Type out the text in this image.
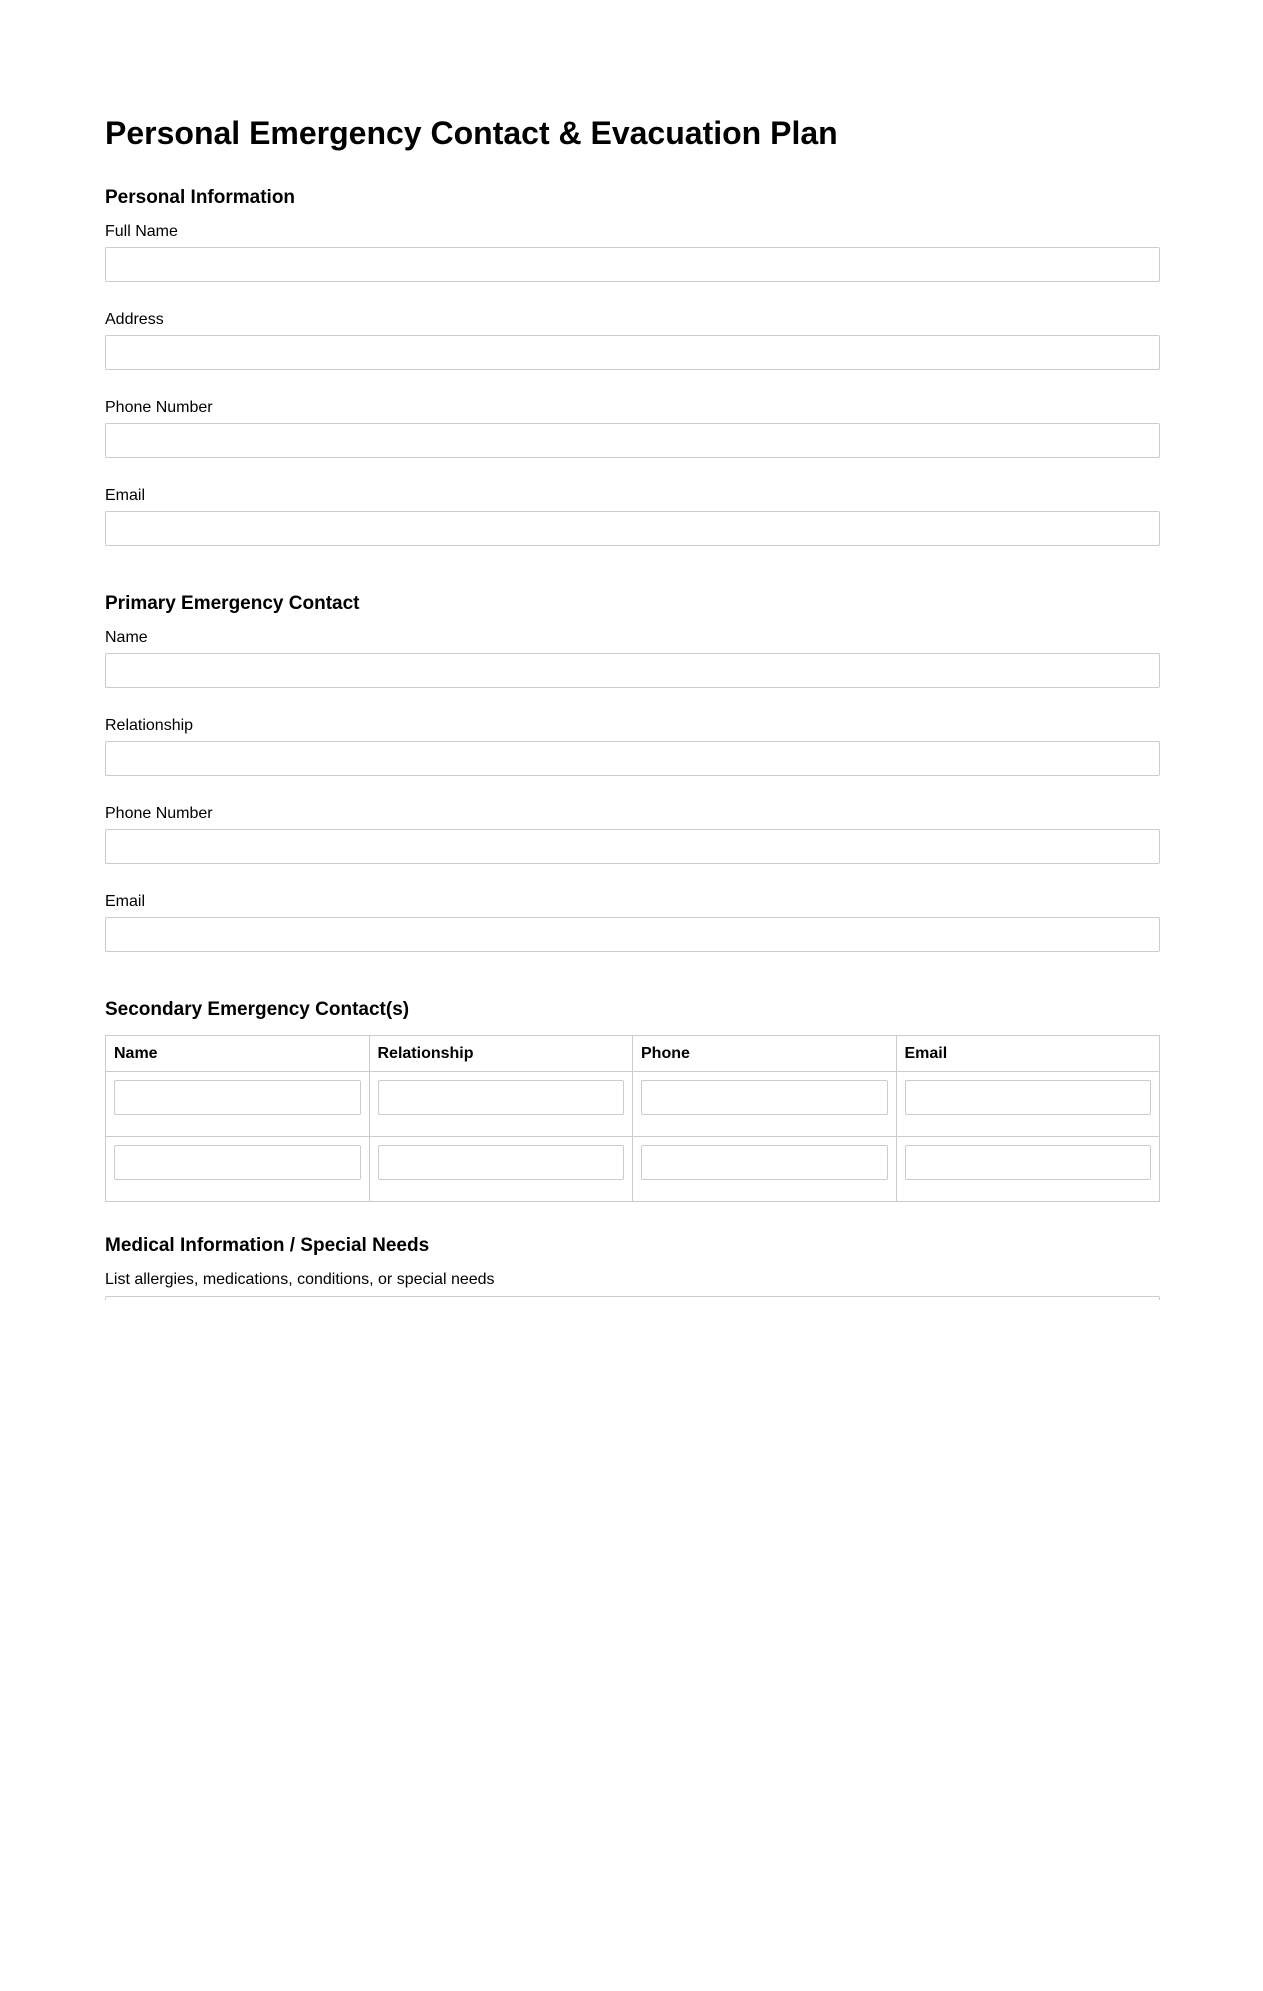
Personal Emergency Contact & Evacuation Plan
Personal Information
Full Name
Address
Phone Number
Email
Primary Emergency Contact
Name
Relationship
Phone Number
Email
Secondary Emergency Contact(s)
Name	Relationship	Phone	Email

Medical Information / Special Needs
List allergies, medications, conditions, or special needs
